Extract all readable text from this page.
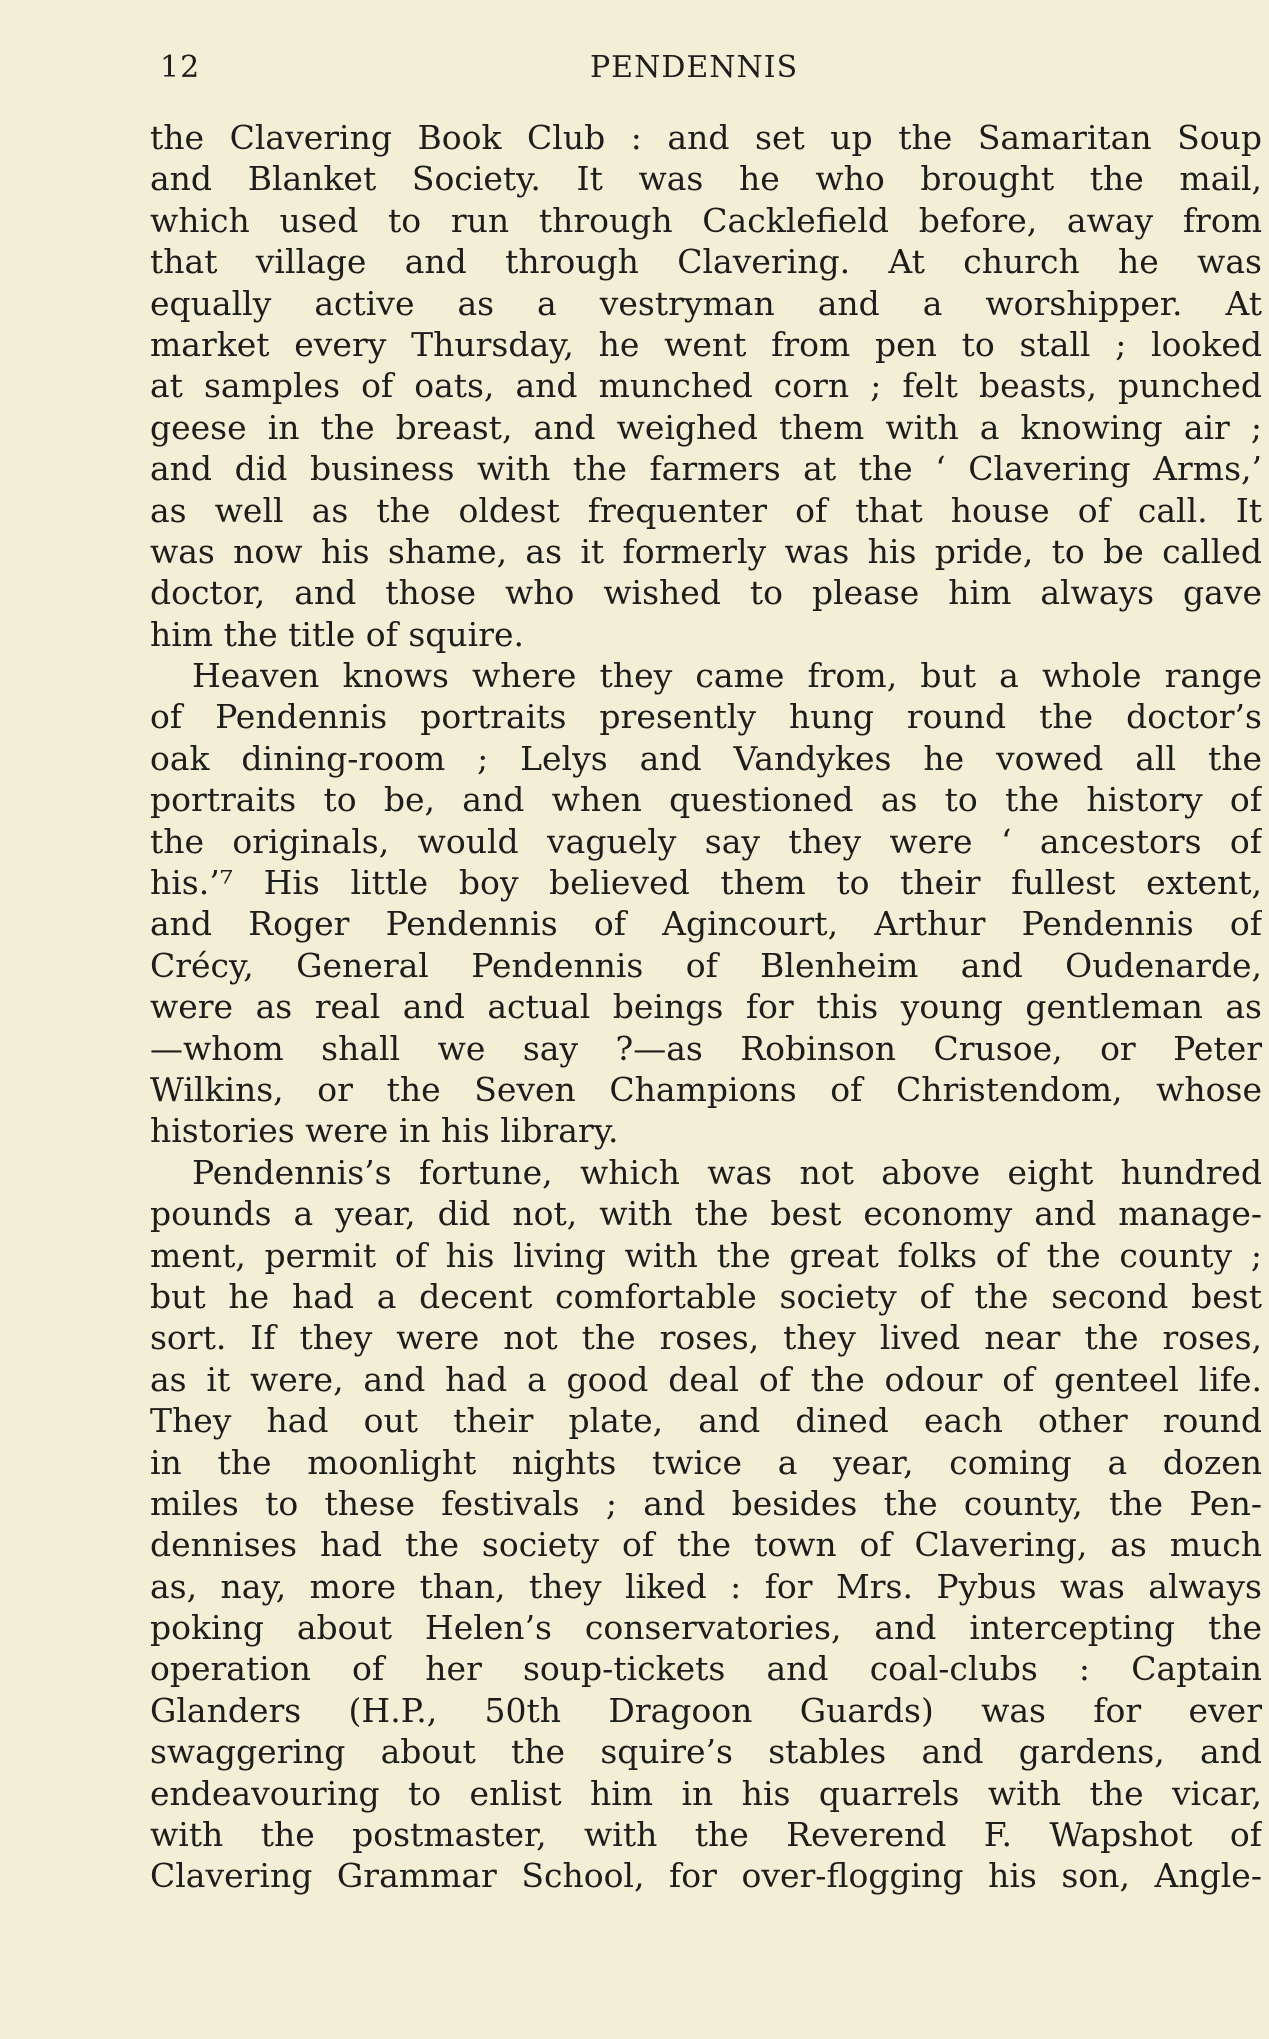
12	PENDENNIS
the Clavering Book Club : and set up the Samaritan Soup
and Blanket Society. It was he who brought the mail,
which used to run through Cacklefield before, away from
that village and through Clavering. At church he was
equally active as a vestryman and a worshipper. At
market every Thursday, he went from pen to stall ; looked
at samples of oats, and munched corn ; felt beasts, punched
geese in the breast, and weighed them with a knowing air ;
and did business with the farmers at the ‘ Clavering Arms,’
as well as the oldest frequenter of that house of call. It
was now his shame, as it formerly was his pride, to be called
doctor, and those who wished to please him always gave
him the title of squire.
Heaven knows where they came from, but a whole range
of Pendennis portraits presently hung round the doctor’s
oak dining-room ; Lelys and Vandykes he vowed all the
portraits to be, and when questioned as to the history of
the originals, would vaguely say they were ‘ ancestors of
his.’⁷ His little boy believed them to their fullest extent,
and Roger Pendennis of Agincourt, Arthur Pendennis of
Crécy, General Pendennis of Blenheim and Oudenarde,
were as real and actual beings for this young gentleman as
—whom shall we say ?—as Robinson Crusoe, or Peter
Wilkins, or the Seven Champions of Christendom, whose
histories were in his library.
Pendennis’s fortune, which was not above eight hundred
pounds a year, did not, with the best economy and manage-
ment, permit of his living with the great folks of the county ;
but he had a decent comfortable society of the second best
sort. If they were not the roses, they lived near the roses,
as it were, and had a good deal of the odour of genteel life.
They had out their plate, and dined each other round
in the moonlight nights twice a year, coming a dozen
miles to these festivals ; and besides the county, the Pen-
dennises had the society of the town of Clavering, as much
as, nay, more than, they liked : for Mrs. Pybus was always
poking about Helen’s conservatories, and intercepting the
operation of her soup-tickets and coal-clubs : Captain
Glanders (H.P., 50th Dragoon Guards) was for ever
swaggering about the squire’s stables and gardens, and
endeavouring to enlist him in his quarrels with the vicar,
with the postmaster, with the Reverend F. Wapshot of
Clavering Grammar School, for over-flogging his son, Angle-
